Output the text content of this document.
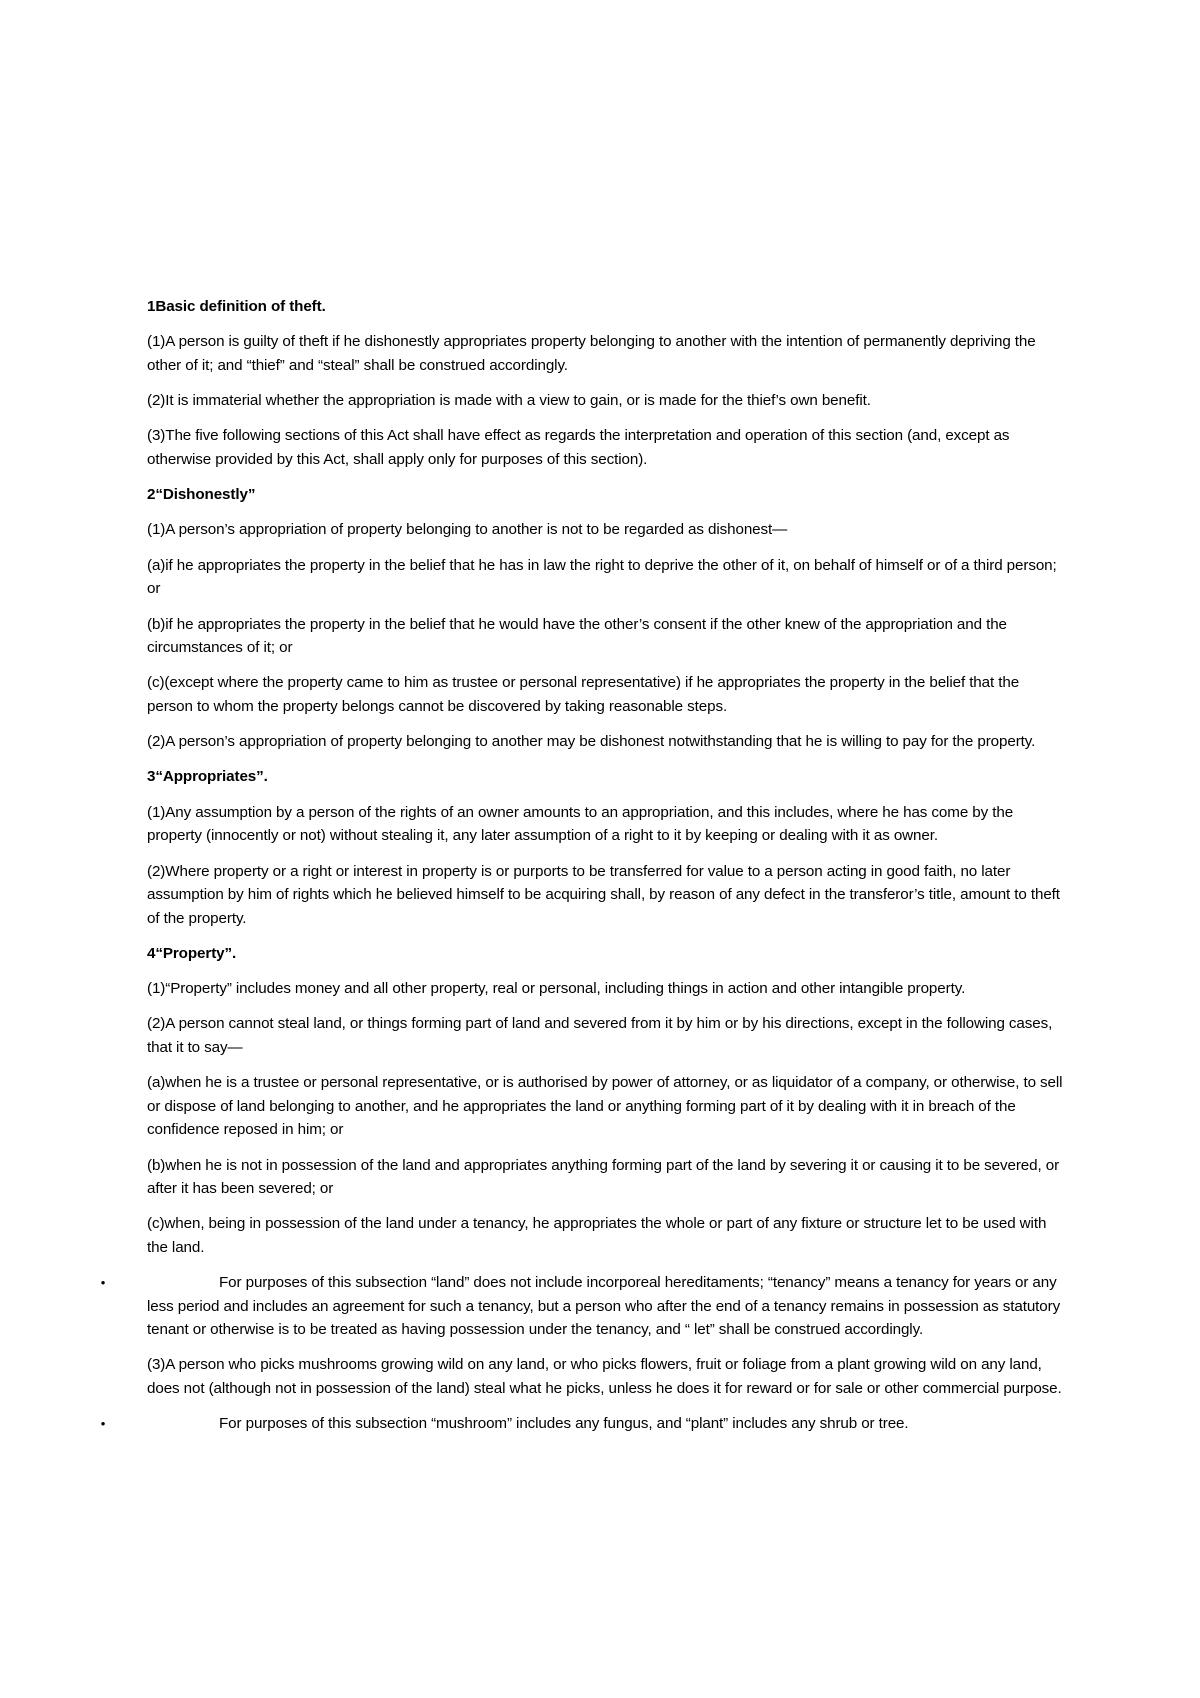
1Basic definition of theft.
(1)A person is guilty of theft if he dishonestly appropriates property belonging to another with the intention of permanently depriving the other of it; and “thief” and “steal” shall be construed accordingly.
(2)It is immaterial whether the appropriation is made with a view to gain, or is made for the thief’s own benefit.
(3)The five following sections of this Act shall have effect as regards the interpretation and operation of this section (and, except as otherwise provided by this Act, shall apply only for purposes of this section).
2“Dishonestly”
(1)A person’s appropriation of property belonging to another is not to be regarded as dishonest—
(a)if he appropriates the property in the belief that he has in law the right to deprive the other of it, on behalf of himself or of a third person; or
(b)if he appropriates the property in the belief that he would have the other’s consent if the other knew of the appropriation and the circumstances of it; or
(c)(except where the property came to him as trustee or personal representative) if he appropriates the property in the belief that the person to whom the property belongs cannot be discovered by taking reasonable steps.
(2)A person’s appropriation of property belonging to another may be dishonest notwithstanding that he is willing to pay for the property.
3“Appropriates”.
(1)Any assumption by a person of the rights of an owner amounts to an appropriation, and this includes, where he has come by the property (innocently or not) without stealing it, any later assumption of a right to it by keeping or dealing with it as owner.
(2)Where property or a right or interest in property is or purports to be transferred for value to a person acting in good faith, no later assumption by him of rights which he believed himself to be acquiring shall, by reason of any defect in the transferor’s title, amount to theft of the property.
4“Property”.
(1)“Property” includes money and all other property, real or personal, including things in action and other intangible property.
(2)A person cannot steal land, or things forming part of land and severed from it by him or by his directions, except in the following cases, that it to say—
(a)when he is a trustee or personal representative, or is authorised by power of attorney, or as liquidator of a company, or otherwise, to sell or dispose of land belonging to another, and he appropriates the land or anything forming part of it by dealing with it in breach of the confidence reposed in him; or
(b)when he is not in possession of the land and appropriates anything forming part of the land by severing it or causing it to be severed, or after it has been severed; or
(c)when, being in possession of the land under a tenancy, he appropriates the whole or part of any fixture or structure let to be used with the land.
•	For purposes of this subsection “land” does not include incorporeal hereditaments; “tenancy” means a tenancy for years or any less period and includes an agreement for such a tenancy, but a person who after the end of a tenancy remains in possession as statutory tenant or otherwise is to be treated as having possession under the tenancy, and “ let” shall be construed accordingly.
(3)A person who picks mushrooms growing wild on any land, or who picks flowers, fruit or foliage from a plant growing wild on any land, does not (although not in possession of the land) steal what he picks, unless he does it for reward or for sale or other commercial purpose.
•	For purposes of this subsection “mushroom” includes any fungus, and “plant” includes any shrub or tree.
